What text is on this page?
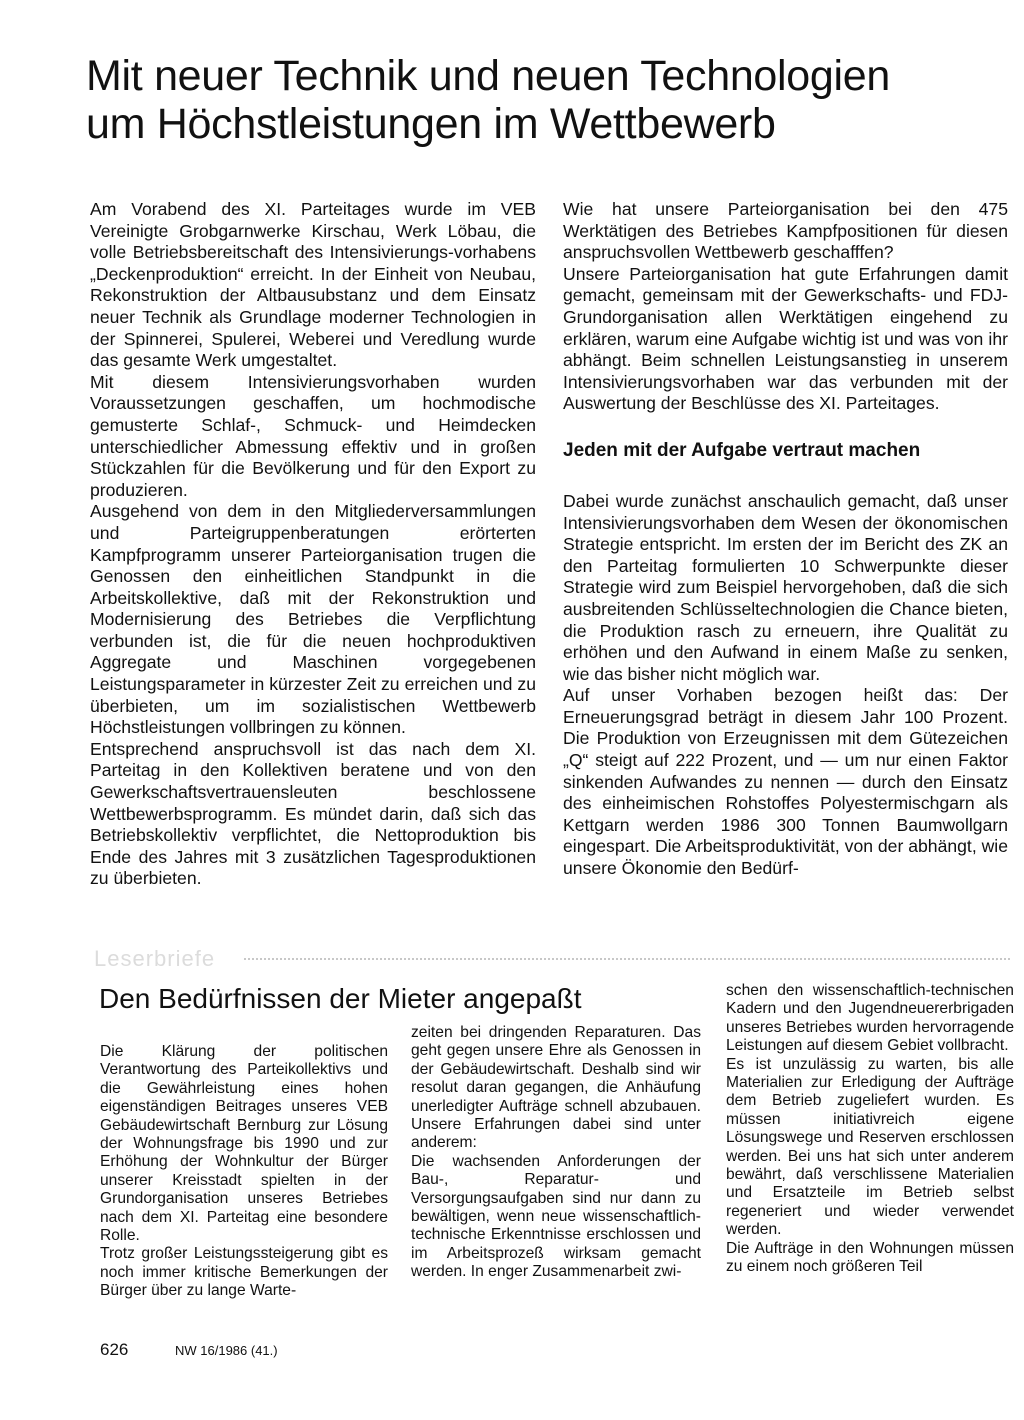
Mit neuer Technik und neuen Technologien
um Höchstleistungen im Wettbewerb

Am Vorabend des XI. Parteitages wurde im VEB Vereinigte Grobgarnwerke Kirschau, Werk Löbau, die volle Betriebsbereitschaft des Intensivierungs-vorhabens „Deckenproduktion“ erreicht. In der Einheit von Neubau, Rekonstruktion der Altbausubstanz und dem Einsatz neuer Technik als Grundlage moderner Technologien in der Spinnerei, Spulerei, Weberei und Veredlung wurde das gesamte Werk umgestaltet.

Mit diesem Intensivierungsvorhaben wurden Voraussetzungen geschaffen, um hochmodische gemusterte Schlaf-, Schmuck- und Heimdecken unterschiedlicher Abmessung effektiv und in großen Stückzahlen für die Bevölkerung und für den Export zu produzieren.

Ausgehend von dem in den Mitgliederversammlungen und Parteigruppenberatungen erörterten Kampfprogramm unserer Parteiorganisation trugen die Genossen den einheitlichen Standpunkt in die Arbeitskollektive, daß mit der Rekonstruktion und Modernisierung des Betriebes die Verpflichtung verbunden ist, die für die neuen hochproduktiven Aggregate und Maschinen vorgegebenen Leistungsparameter in kürzester Zeit zu erreichen und zu überbieten, um im sozialistischen Wettbewerb Höchstleistungen vollbringen zu können.

Entsprechend anspruchsvoll ist das nach dem XI. Parteitag in den Kollektiven beratene und von den Gewerkschaftsvertrauensleuten beschlossene Wettbewerbsprogramm. Es mündet darin, daß sich das Betriebskollektiv verpflichtet, die Nettoproduktion bis Ende des Jahres mit 3 zusätzlichen Tagesproduktionen zu überbieten.

Wie hat unsere Parteiorganisation bei den 475 Werktätigen des Betriebes Kampfpositionen für diesen anspruchsvollen Wettbewerb geschafffen?

Unsere Parteiorganisation hat gute Erfahrungen damit gemacht, gemeinsam mit der Gewerkschafts- und FDJ-Grundorganisation allen Werktätigen eingehend zu erklären, warum eine Aufgabe wichtig ist und was von ihr abhängt. Beim schnellen Leistungsanstieg in unserem Intensivierungsvorhaben war das verbunden mit der Auswertung der Beschlüsse des XI. Parteitages.

Jeden mit der Aufgabe vertraut machen

Dabei wurde zunächst anschaulich gemacht, daß unser Intensivierungsvorhaben dem Wesen der ökonomischen Strategie entspricht. Im ersten der im Bericht des ZK an den Parteitag formulierten 10 Schwerpunkte dieser Strategie wird zum Beispiel hervorgehoben, daß die sich ausbreitenden Schlüsseltechnologien die Chance bieten, die Produktion rasch zu erneuern, ihre Qualität zu erhöhen und den Aufwand in einem Maße zu senken, wie das bisher nicht möglich war.

Auf unser Vorhaben bezogen heißt das: Der Erneuerungsgrad beträgt in diesem Jahr 100 Prozent. Die Produktion von Erzeugnissen mit dem Gütezeichen „Q“ steigt auf 222 Prozent, und — um nur einen Faktor sinkenden Aufwandes zu nennen — durch den Einsatz des einheimischen Rohstoffes Polyestermischgarn als Kettgarn werden 1986 300 Tonnen Baumwollgarn eingespart. Die Arbeitsproduktivität, von der abhängt, wie unsere Ökonomie den Bedürf-

Leserbriefe
Den Bedürfnissen der Mieter angepaßt

Die Klärung der politischen Verantwortung des Parteikollektivs und die Gewährleistung eines hohen eigenständigen Beitrages unseres VEB Gebäudewirtschaft Bernburg zur Lösung der Wohnungsfrage bis 1990 und zur Erhöhung der Wohnkultur der Bürger unserer Kreisstadt spielten in der Grundorganisation unseres Betriebes nach dem XI. Parteitag eine besondere Rolle.

Trotz großer Leistungssteigerung gibt es noch immer kritische Bemerkungen der Bürger über zu lange Warte-

zeiten bei dringenden Reparaturen. Das geht gegen unsere Ehre als Genossen in der Gebäudewirtschaft. Deshalb sind wir resolut daran gegangen, die Anhäufung unerledigter Aufträge schnell abzubauen. Unsere Erfahrungen dabei sind unter anderem:

Die wachsenden Anforderungen der Bau-, Reparatur- und Versorgungsaufgaben sind nur dann zu bewältigen, wenn neue wissenschaftlich-technische Erkenntnisse erschlossen und im Arbeitsprozeß wirksam gemacht werden. In enger Zusammenarbeit zwi-

schen den wissenschaftlich-technischen Kadern und den Jugendneuererbrigaden unseres Betriebes wurden hervorragende Leistungen auf diesem Gebiet vollbracht.

Es ist unzulässig zu warten, bis alle Materialien zur Erledigung der Aufträge dem Betrieb zugeliefert wurden. Es müssen initiativreich eigene Lösungswege und Reserven erschlossen werden. Bei uns hat sich unter anderem bewährt, daß verschlissene Materialien und Ersatzteile im Betrieb selbst regeneriert und wieder verwendet werden.

Die Aufträge in den Wohnungen müssen zu einem noch größeren Teil

626	NW 16/1986 (41.)
